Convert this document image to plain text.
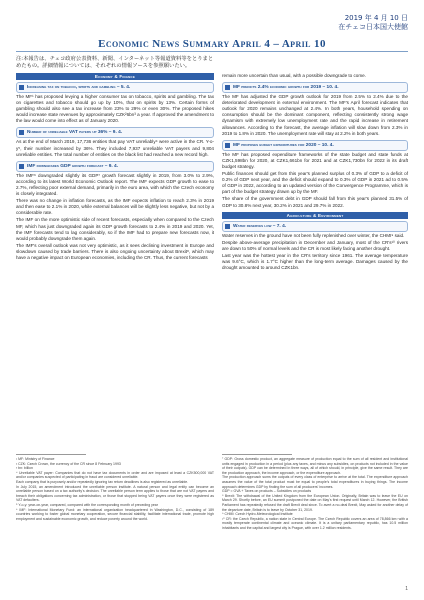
2019 年 4 月 10 日
在チェコ日本国大使館
Economic News Summary April 4 – April 10
注:本報告は、チェコ政府公表資料、新聞、インターネット等報道資料等をとりまとめたもの。詳細情報については、それぞれの情報ソースを参照願いたい。
Economy & Finance
Increasing tax on tobacco, spirits and gambling – 5. 4.
The MF¹ has proposed levying a higher consumer tax on tobacco, spirits and gambling. The tax on cigarettes and tobacco should go up by 10%, that on spirits by 13%. Certain forms of gambling should also see a tax increase from 23% to 29% or even 30%. The proposed hikes would increase state revenues by approximately CZK²6bn³ a year. If approved the amendment to the law would come into effect as of January 2020.
Number of unreliable VAT payers up 36% – 9. 4.
As at the end of March 2019, 17,736 entities that pay VAT unreliably⁴ were active in the CR. Y-o-y⁵, their number increased by 36%. They included 7,937 unreliable VAT payers and 9,804 unreliable entities. The total number of entities on the black list had reached a new record high.
IMF downgrades GDP growth forecast – 9. 4.
The IMF⁶ downgraded slightly its GDP⁷ growth forecast slightly in 2019, from 3.0% to 2.9%, according to its latest World Economic Outlook report. The IMF expects GDP growth to ease to 2.7%, reflecting poor external demand, primarily in the euro area, with which the Czech economy is closely integrated.
There was no change in inflation forecasts, as the IMF expects inflation to reach 2.3% in 2019 and then ease to 2.1% in 2020, while external balances will be slightly less negative, but not by a considerable rate.
The IMF on the more optimistic side of recent forecasts, especially when compared to the Czech MF, which has just downgraded again its GDP growth forecasts to 2.4% in 2019 and 2020. Yet, the IMF forecasts tend to lag considerably, so if the IMF had to prepare new forecasts now, it would probably downgrade them again.
The IMF's overall outlook was not very optimistic, as it sees declining investment in Europe and slowdown caused by trade barriers. There is also ongoing uncertainty about Brexit⁸, which may have a negative impact on European economies, including the CR. Thus, the current forecasts
remain more uncertain than usual, with a possible downgrade to come.
MF predicts 2.4% economic growth for 2019 – 10. 4.
The MF has adjusted the GDP growth outlook for 2019 from 2.5% to 2.4% due to the deteriorated development in external environment. The MF's April forecast indicates that outlook for 2020 remains unchanged at 2.4%. In both years, household spending on consumption should be the dominant component, reflecting consistently strong wage dynamism with extremely low unemployment rate and the rapid increase in retirement allowances. According to the forecast, the average inflation will slow down from 2.3% in 2019 to 1.8% in 2020. The unemployment rate will stay at 2.2% in both years.
MF proposes budget expenditures for 2020 – 10. 4.
The MF has proposed expenditure frameworks of the state budget and state funds at CZK1,598bn for 2020, at CZK1,661bn for 2021 and at CZK1,730bn for 2022 in its draft budget strategy.
Public finances should get from this year's planned surplus of 0.3% of GDP to a deficit of 0.2% of GDP next year, and the deficit should expand to 0.3% of GDP in 2021 ad to 0.5% of GDP in 2022, according to an updated version of the Convergence Programme, which is part of the budget strategy drawn up by the MF.
The share of the government debt in GDP should fall from this year's planned 31.5% of GDP to 30.8% next year, 30.2% in 2021 and 29.7% in 2022.
Agriculture & Environment
Water reserves low – 7. 4.
Water reserves in the ground have not been fully replenished over winter, the CHMI⁹ said.
Despite above-average precipitation in December and January, most of the CR's¹⁰ rivers are down to 50% of normal levels and the CR is most likely facing another drought.
Last year was the hottest year in the CR's territory since 1961. The average temperature was 9.6°C, which is 1.7°C higher than the long-term average. Damages caused by the drought amounted to around CZK1bn.
¹ MF: Ministry of Finance
² CZK: Czech Crown, the currency of the CR since 8 February 1993
³ bn: billion
⁴ Unreliable VAT payer: Companies that do not have tax documents in order and are imposed at least a CZK500,000 VAT and/or companies suspected of participating in fraud are considered unreliable.
Each company that is purposely and/or repeatedly ignoring tax return deadlines is also registered as unreliable.
In July 2015, an amendment introduced the unreliable person institute. A natural person and legal entity can become an unreliable person based on a tax authority's decision. The unreliable person term applies to those that are not VAT payers and breach their obligations concerning tax administration, or those that stopped being VAT payers once they were registered as VAT defaulters.
⁵ Y-o-y: year-on-year, compared, compared with the corresponding month of preceding year
⁶ IMF: International Monetary Fund: an international organization headquartered in Washington, D.C., consisting of 189 countries working to foster global monetary cooperation, secure financial stability, facilitate international trade, promote high employment and sustainable economic growth, and reduce poverty around the world.
⁷ GDP: Gross domestic product, an aggregate measure of production equal to the sum of all resident and institutional units engaged in production in a period (plus any taxes, and minus any subsidies, on products not included in the value of their outputs). GDP can be determined in three ways, all of which should, in principle, give the same result. They are the production approach, the income approach, or the expenditure approach.
The production approach sums the outputs of every class of enterprise to arrive at the total. The expenditure approach assumes the value of the total product must be equal to people's total expenditures in buying things. The income approach determines GDP by finding the sum of all producers' incomes.
GDP = GVA + Taxes on products – Subsidies on products
⁸ Brexit: The withdrawal of the United Kingdom from the European Union. Originally, Britain was to leave the EU on March 29. Shortly before, an EU summit postponed the date on May's first request until March 12. However, the British Parliament has repeatedly refused the draft Brexit deal since. To avert a no-deal Brexit, May asked for another delay of the departure date, Britain is to leave by October 31, 2019.
⁹ CHMI: Czech Hydro-Meteorological Institute
¹⁰ CR: the Czech Republic, a nation state in Central Europe. The Czech Republic covers an area of 78,866 km² with a mostly temperate continental climate and oceanic climate. It is a unitary parliamentary republic, has 10.5 million inhabitants and the capital and largest city is Prague, with over 1.2 million residents.
1
